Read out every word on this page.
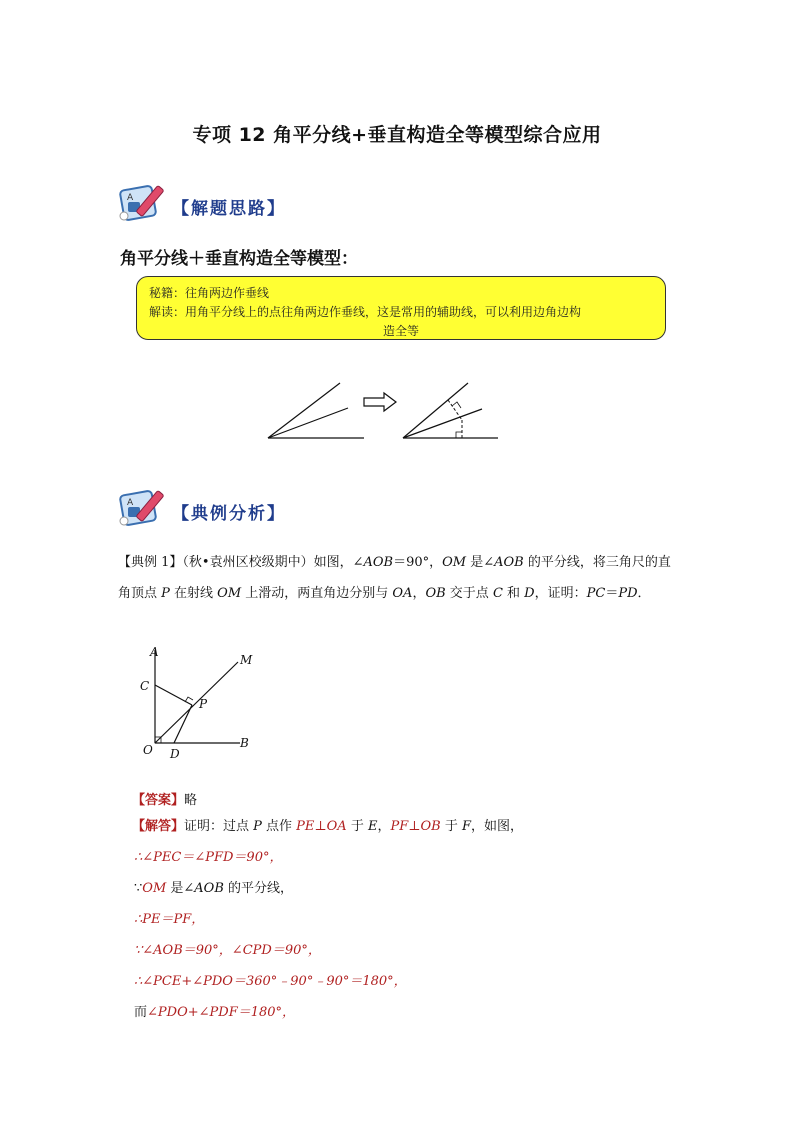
专项 12 角平分线+垂直构造全等模型综合应用
A
【解题思路】
角平分线＋垂直构造全等模型：
秘籍：往角两边作垂线
解读：用角平分线上的点往角两边作垂线，这是常用的辅助线，可以利用边角边构
造全等
A
【典例分析】
【典例 1】（秋•袁州区校级期中）如图，∠AOB＝90°，OM 是∠AOB 的平分线，将三角尺的直角顶点 P 在射线 OM 上滑动，两直角边分别与 OA，OB 交于点 C 和 D，证明：PC＝PD．
A
M
C
P
O D
B
【答案】略
【解答】证明：过点 P 点作 PE⊥OA 于 E，PF⊥OB 于 F，如图，
∴∠PEC＝∠PFD＝90°，
∵OM 是∠AOB 的平分线，
∴PE＝PF，
∵∠AOB＝90°，∠CPD＝90°，
∴∠PCE+∠PDO＝360°﹣90°﹣90°＝180°，
而∠PDO+∠PDF＝180°，
